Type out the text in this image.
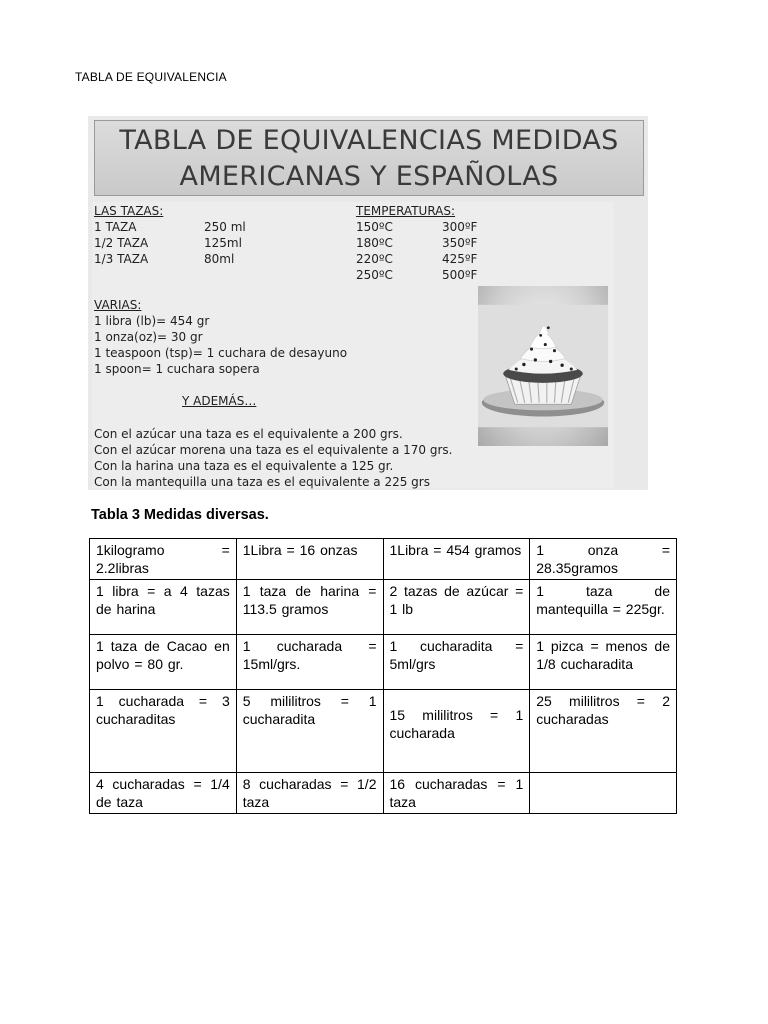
TABLA DE EQUIVALENCIA
TABLA DE EQUIVALENCIAS MEDIDAS
AMERICANAS Y ESPAÑOLAS
LAS TAZAS:
1 TAZA	250 ml
1/2 TAZA	125ml
1/3 TAZA	80ml
TEMPERATURAS:
150ºC	300ºF
180ºC	350ºF
220ºC	425ºF
250ºC	500ºF
VARIAS:
1 libra (lb)= 454 gr
1 onza(oz)= 30 gr
1 teaspoon (tsp)= 1 cuchara de desayuno
1 spoon= 1 cuchara sopera
Y ADEMÁS…
Con el azúcar una taza es el equivalente a 200 grs.
Con el azúcar morena una taza es el equivalente a 170 grs.
Con la harina una taza es el equivalente a 125 gr.
Con la mantequilla una taza es el equivalente a 225 grs
Tabla 3 Medidas diversas.
1kilogramo = 2.2libras	1Libra = 16 onzas	1Libra = 454 gramos	1 onza = 28.35gramos
1 libra = a 4 tazas de harina	1 taza de harina = 113.5 gramos	2 tazas de azúcar = 1 lb	1 taza de mantequilla = 225gr.
1 taza de Cacao en polvo = 80 gr.	1 cucharada = 15ml/grs.	1 cucharadita = 5ml/grs	1 pizca = menos de 1/8 cucharadita
1 cucharada = 3 cucharaditas	5 mililitros = 1 cucharadita	15 mililitros = 1 cucharada	25 mililitros = 2 cucharadas
4 cucharadas = 1/4 de taza	8 cucharadas = 1/2 taza	16 cucharadas = 1 taza	
